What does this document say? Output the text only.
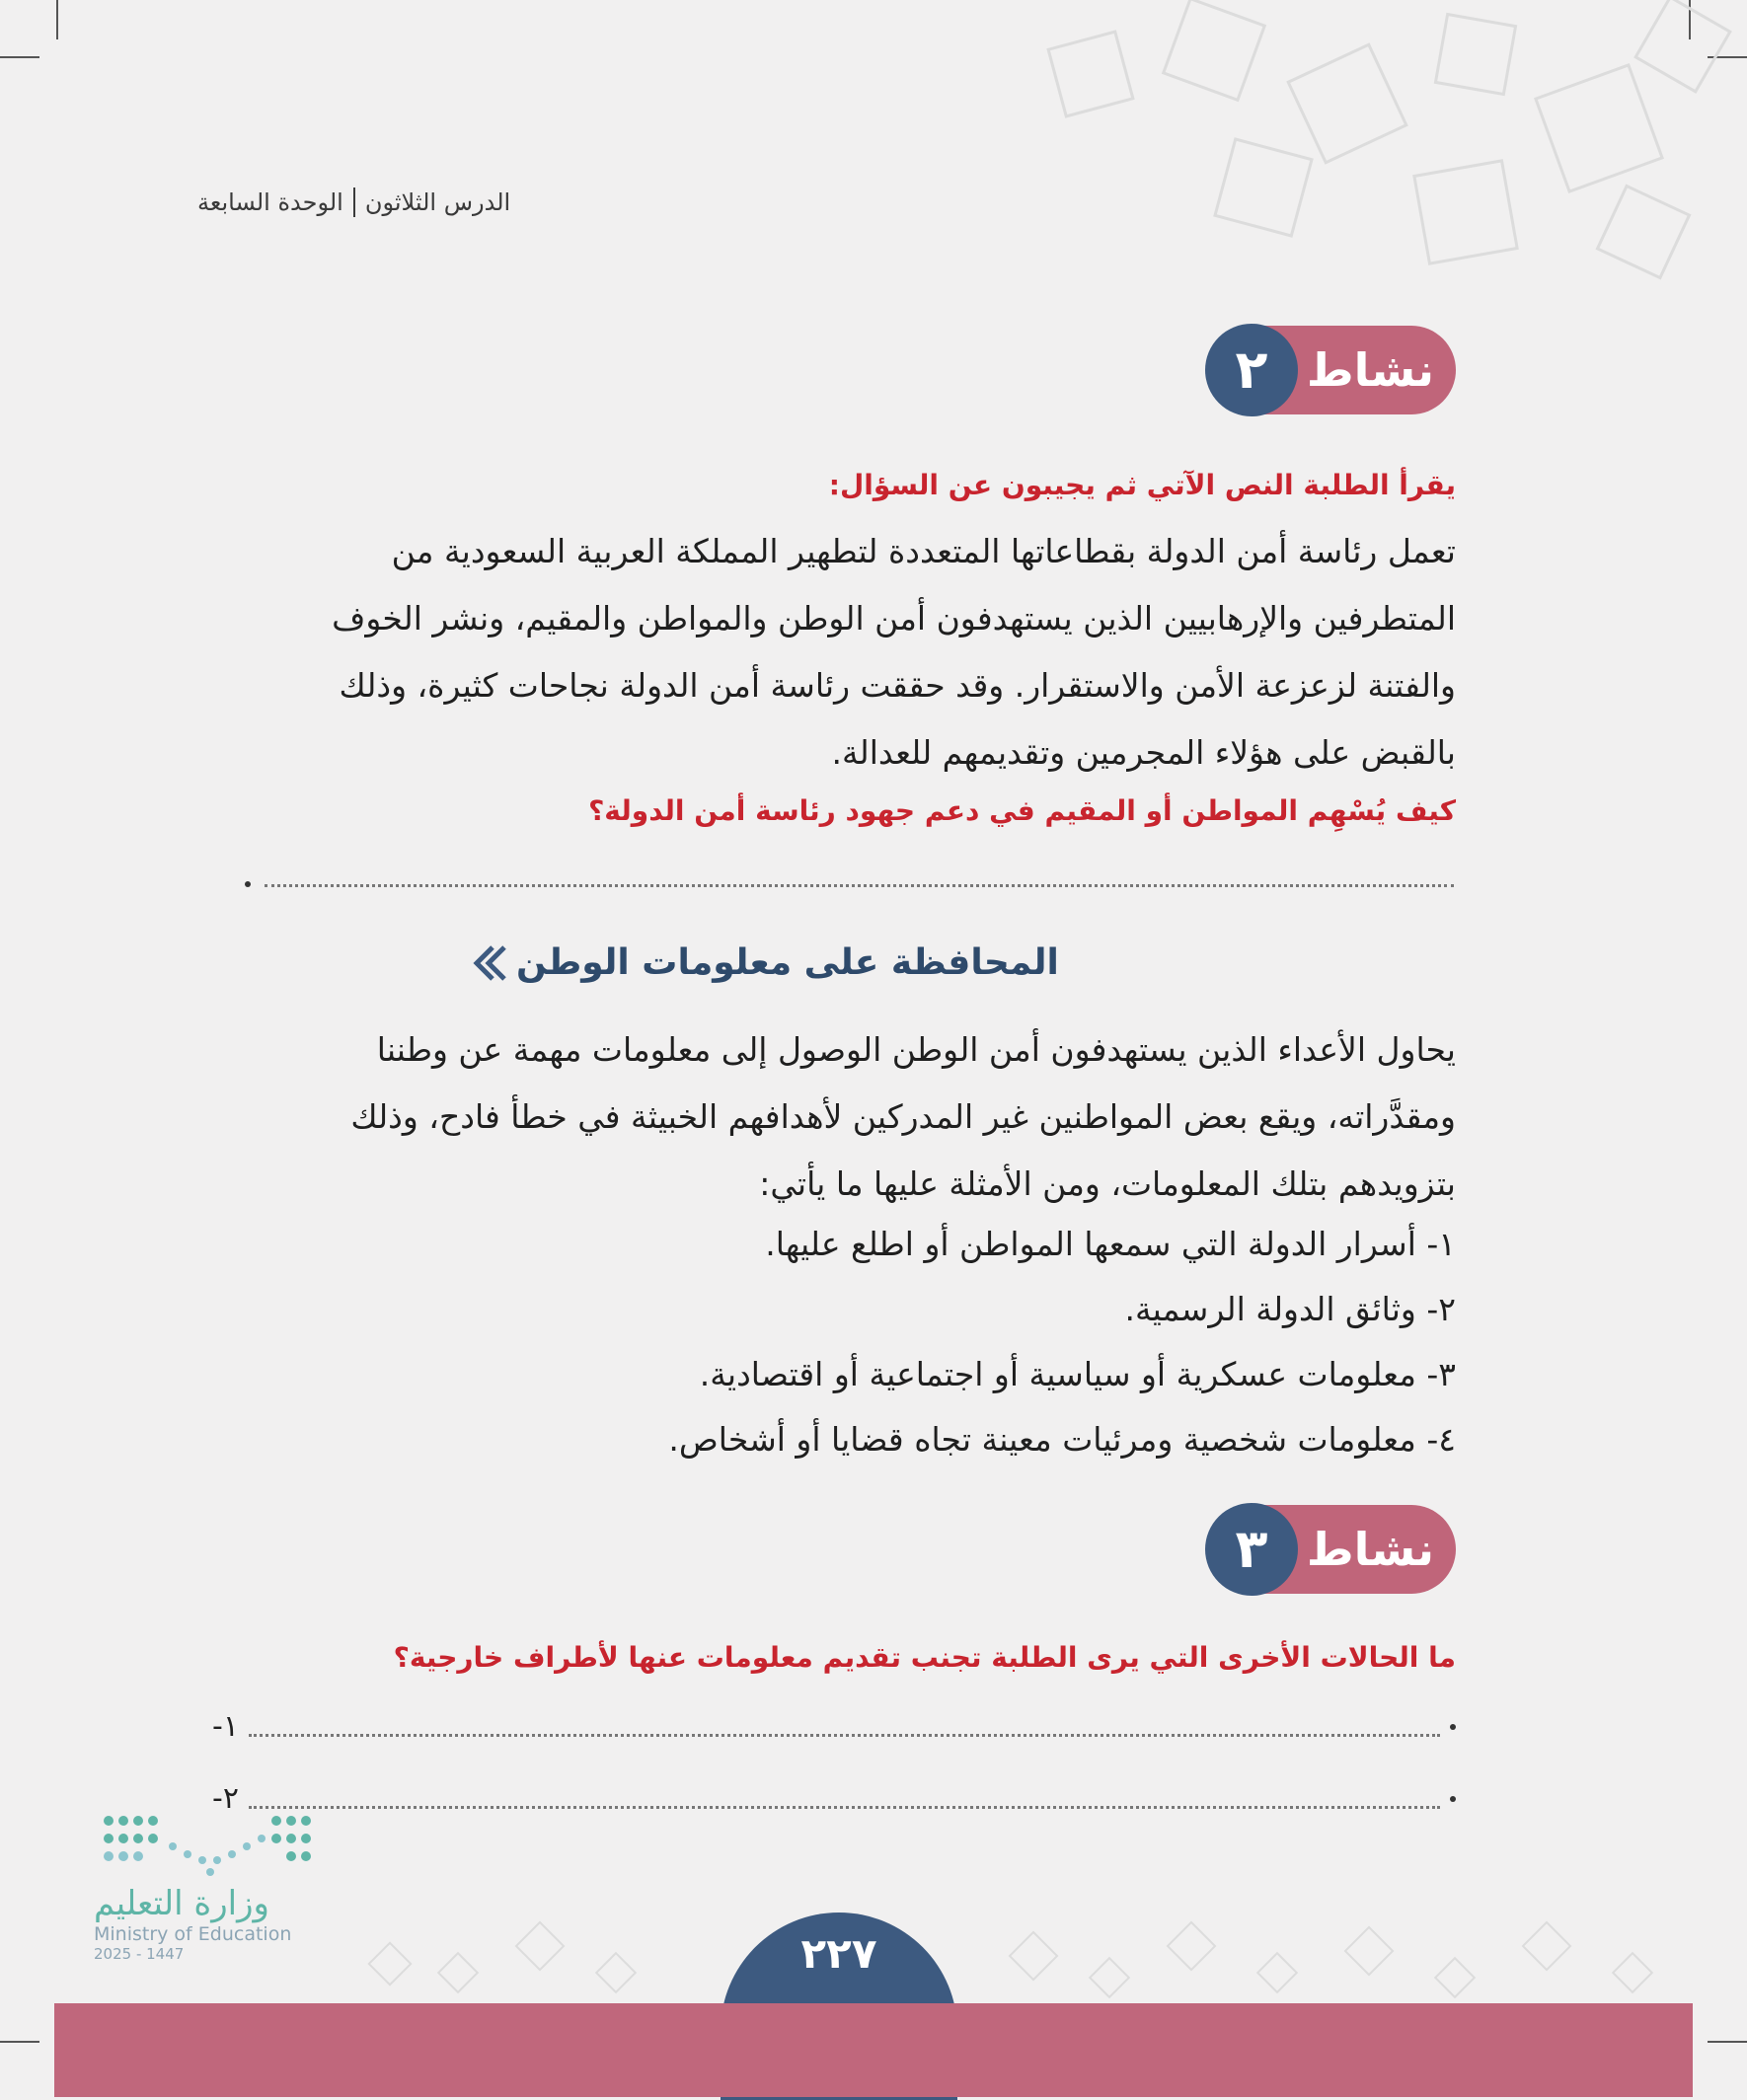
الوحدة السابعة الدرس الثلاثون
نشاط
٢
يقرأ الطلبة النص الآتي ثم يجيبون عن السؤال:

تعمل رئاسة أمن الدولة بقطاعاتها المتعددة لتطهير المملكة العربية السعودية من

المتطرفين والإرهابيين الذين يستهدفون أمن الوطن والمواطن والمقيم، ونشر الخوف

والفتنة لزعزعة الأمن والاستقرار. وقد حققت رئاسة أمن الدولة نجاحات كثيرة، وذلك

بالقبض على هؤلاء المجرمين وتقديمهم للعدالة.

كيف يُسْهِم المواطن أو المقيم في دعم جهود رئاسة أمن الدولة؟
المحافظة على معلومات الوطن

يحاول الأعداء الذين يستهدفون أمن الوطن الوصول إلى معلومات مهمة عن وطننا

ومقدَّراته، ويقع بعض المواطنين غير المدركين لأهدافهم الخبيثة في خطأ فادح، وذلك

بتزويدهم بتلك المعلومات، ومن الأمثلة عليها ما يأتي:

١- أسرار الدولة التي سمعها المواطن أو اطلع عليها.
٢- وثائق الدولة الرسمية.
٣- معلومات عسكرية أو سياسية أو اجتماعية أو اقتصادية.
٤- معلومات شخصية ومرئيات معينة تجاه قضايا أو أشخاص.
نشاط
٣
ما الحالات الأخرى التي يرى الطلبة تجنب تقديم معلومات عنها لأطراف خارجية؟
١-
٢-
وزارة التعليم
Ministry of Education
2025 - 1447	٢٢٧
